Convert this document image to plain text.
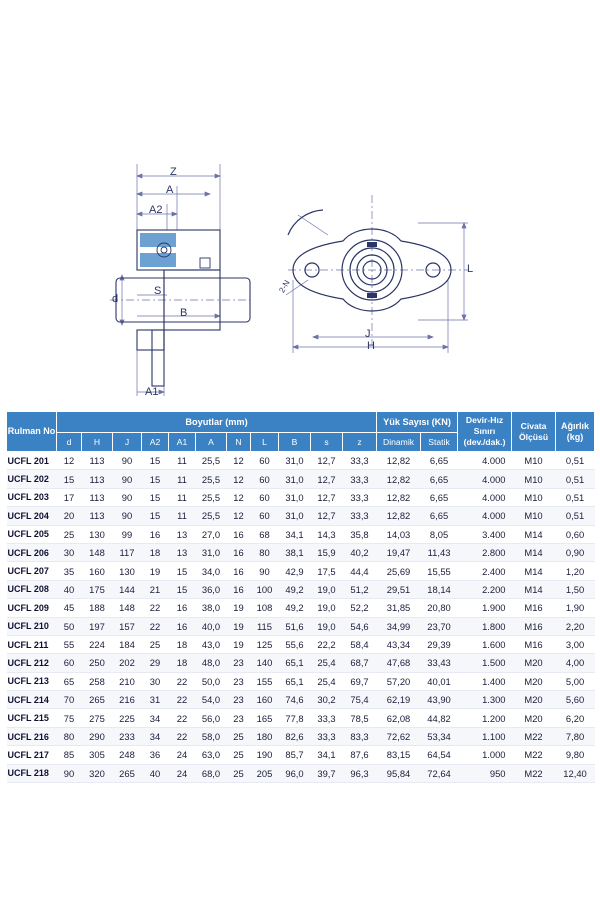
Z
A
A2
d
S
B
A1
J
H
L
2-N
Rulman No	Boyutlar (mm)											Yük Sayısı (KN)		Devir-Hız Sınırı (dev./dak.)	Civata Ölçüsü	Ağırlık (kg)
	d	H	J	A2	A1	A	N	L	B	s	z	Dinamik	Statik			
UCFL 201	12	113	90	15	11	25,5	12	60	31,0	12,7	33,3	12,82	6,65	4.000	M10	0,51
UCFL 202	15	113	90	15	11	25,5	12	60	31,0	12,7	33,3	12,82	6,65	4.000	M10	0,51
UCFL 203	17	113	90	15	11	25,5	12	60	31,0	12,7	33,3	12,82	6,65	4.000	M10	0,51
UCFL 204	20	113	90	15	11	25,5	12	60	31,0	12,7	33,3	12,82	6,65	4.000	M10	0,51
UCFL 205	25	130	99	16	13	27,0	16	68	34,1	14,3	35,8	14,03	8,05	3.400	M14	0,60
UCFL 206	30	148	117	18	13	31,0	16	80	38,1	15,9	40,2	19,47	11,43	2.800	M14	0,90
UCFL 207	35	160	130	19	15	34,0	16	90	42,9	17,5	44,4	25,69	15,55	2.400	M14	1,20
UCFL 208	40	175	144	21	15	36,0	16	100	49,2	19,0	51,2	29,51	18,14	2.200	M14	1,50
UCFL 209	45	188	148	22	16	38,0	19	108	49,2	19,0	52,2	31,85	20,80	1.900	M16	1,90
UCFL 210	50	197	157	22	16	40,0	19	115	51,6	19,0	54,6	34,99	23,70	1.800	M16	2,20
UCFL 211	55	224	184	25	18	43,0	19	125	55,6	22,2	58,4	43,34	29,39	1.600	M16	3,00
UCFL 212	60	250	202	29	18	48,0	23	140	65,1	25,4	68,7	47,68	33,43	1.500	M20	4,00
UCFL 213	65	258	210	30	22	50,0	23	155	65,1	25,4	69,7	57,20	40,01	1.400	M20	5,00
UCFL 214	70	265	216	31	22	54,0	23	160	74,6	30,2	75,4	62,19	43,90	1.300	M20	5,60
UCFL 215	75	275	225	34	22	56,0	23	165	77,8	33,3	78,5	62,08	44,82	1.200	M20	6,20
UCFL 216	80	290	233	34	22	58,0	25	180	82,6	33,3	83,3	72,62	53,34	1.100	M22	7,80
UCFL 217	85	305	248	36	24	63,0	25	190	85,7	34,1	87,6	83,15	64,54	1.000	M22	9,80
UCFL 218	90	320	265	40	24	68,0	25	205	96,0	39,7	96,3	95,84	72,64	950	M22	12,40
